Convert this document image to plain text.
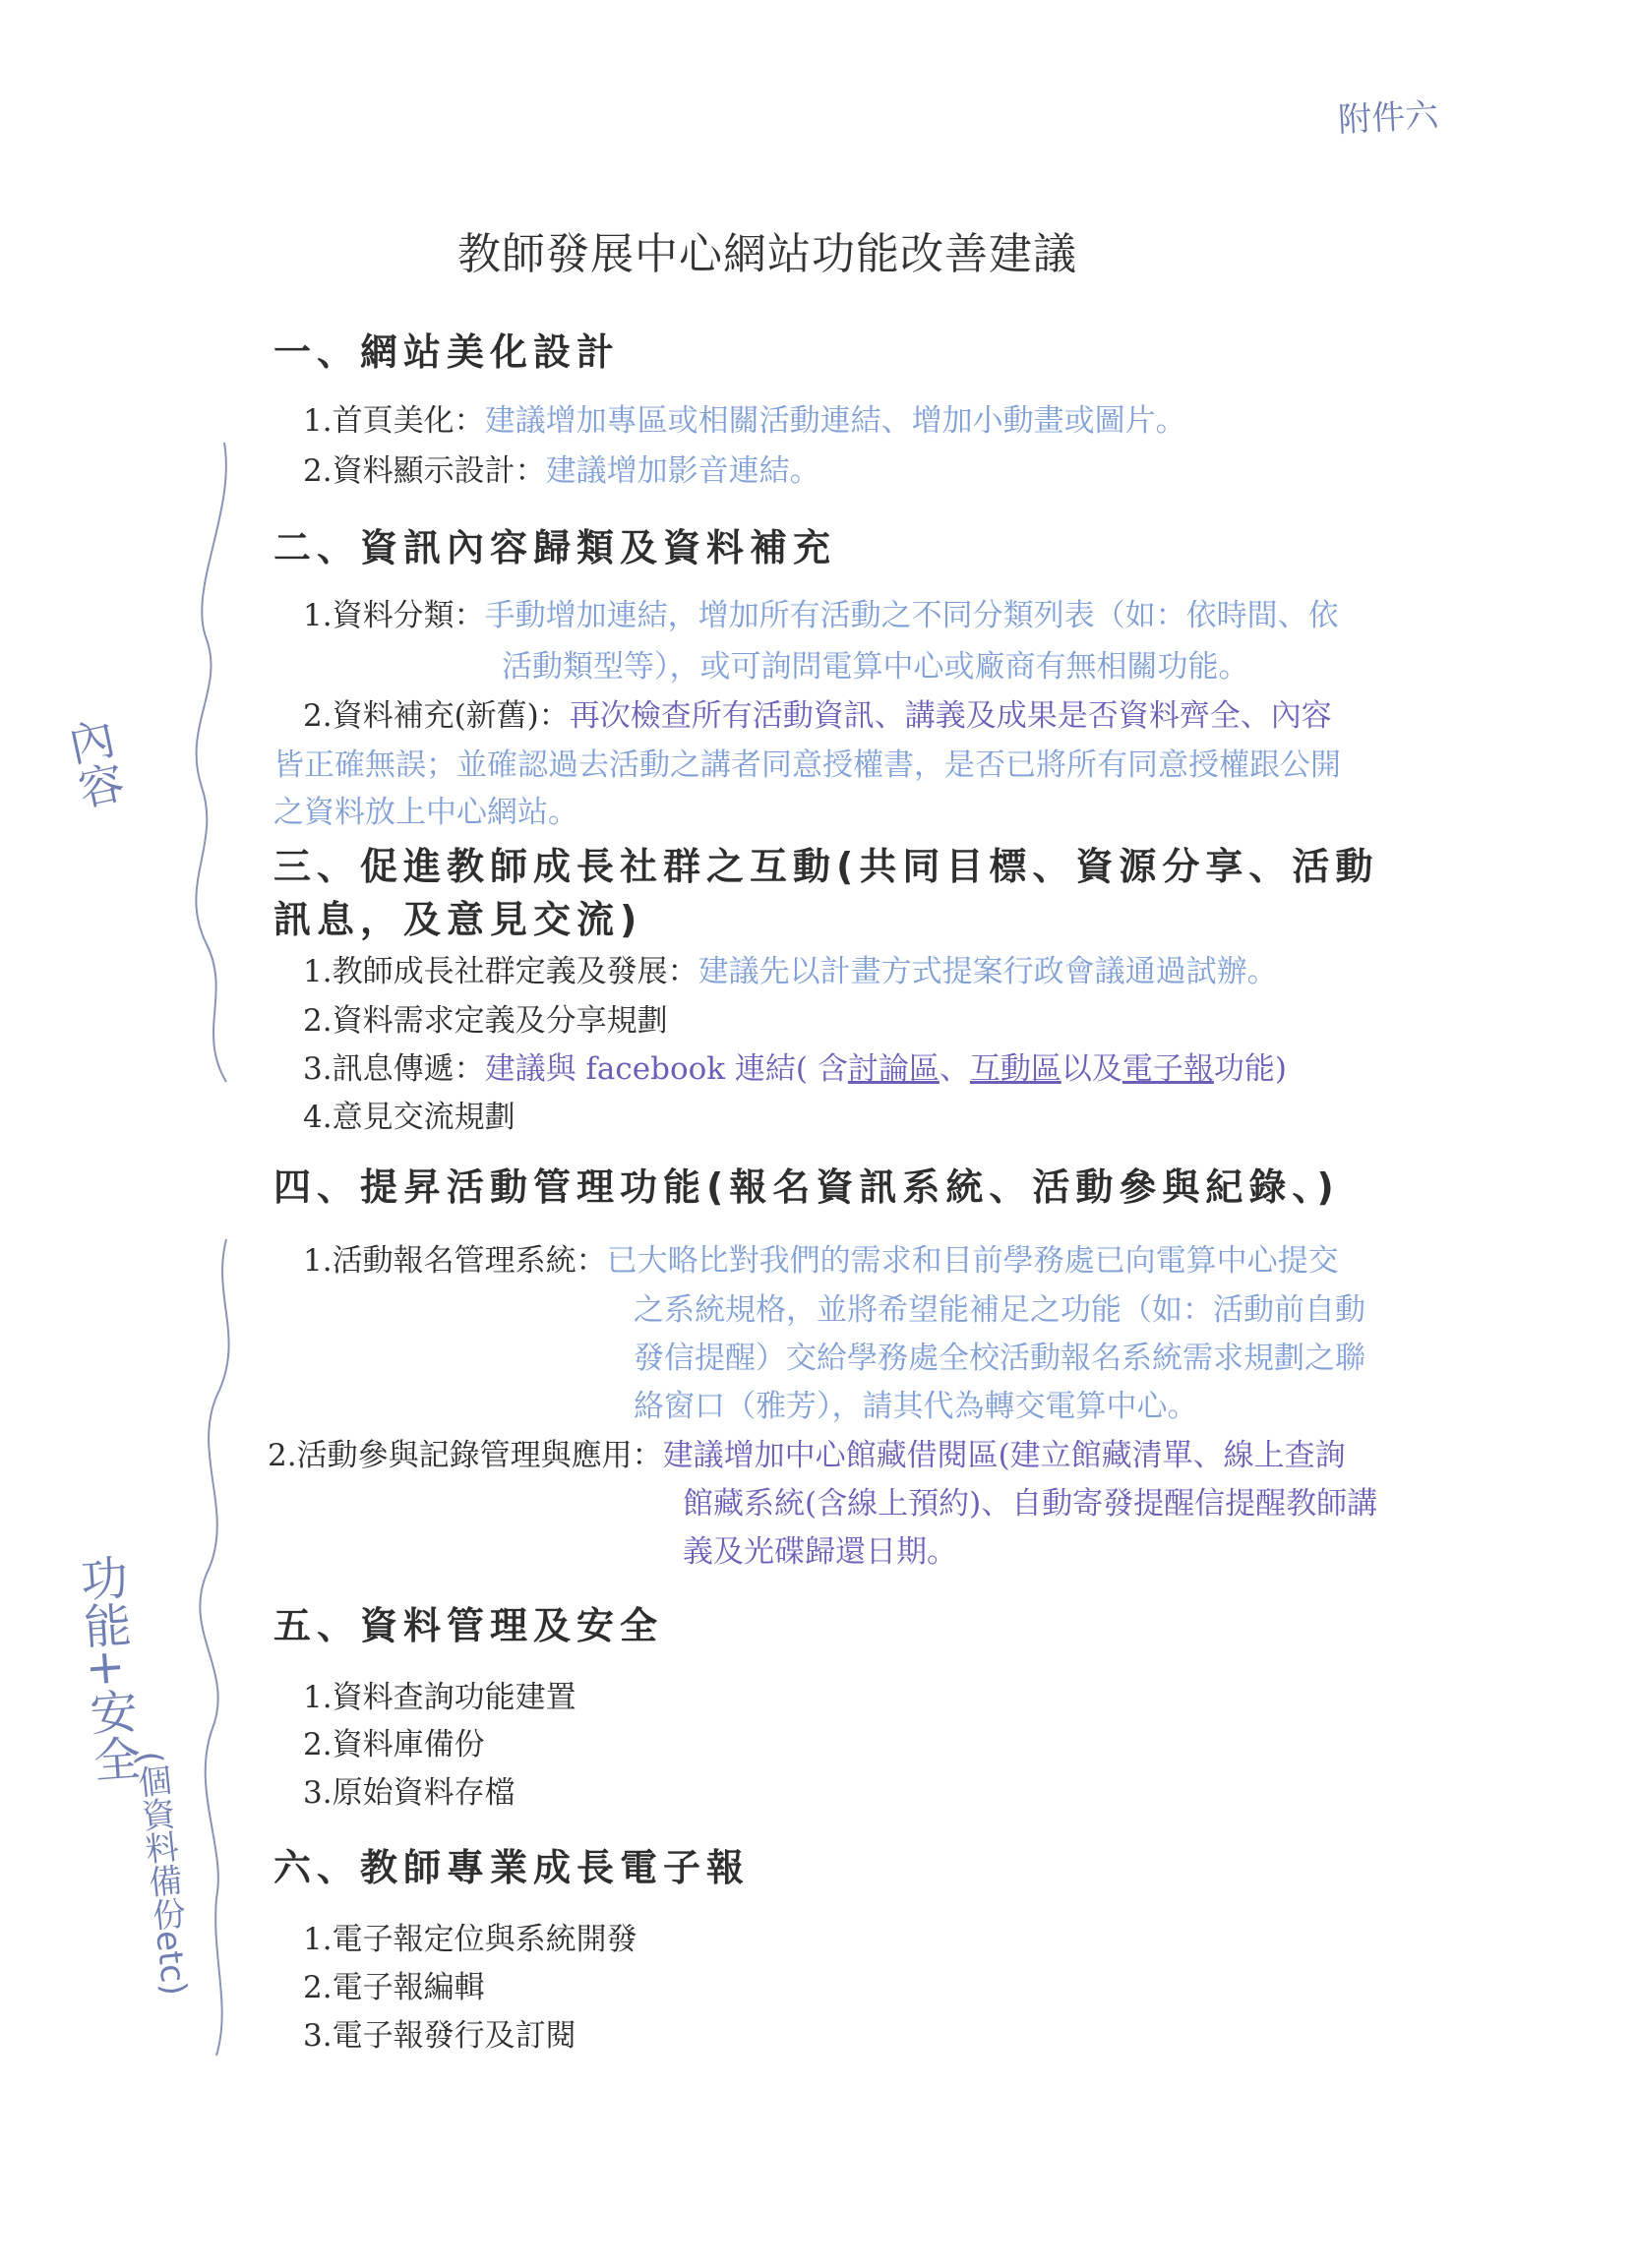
附件六
教師發展中心網站功能改善建議
一、網站美化設計
1.首頁美化：建議增加專區或相關活動連結、增加小動畫或圖片。
2.資料顯示設計：建議增加影音連結。
二、資訊內容歸類及資料補充
1.資料分類：手動增加連結，增加所有活動之不同分類列表（如：依時間、依
活動類型等），或可詢問電算中心或廠商有無相關功能。
2.資料補充(新舊)：再次檢查所有活動資訊、講義及成果是否資料齊全、內容
皆正確無誤；並確認過去活動之講者同意授權書，是否已將所有同意授權跟公開
之資料放上中心網站。
三、促進教師成長社群之互動(共同目標、資源分享、活動
訊息，及意見交流)
1.教師成長社群定義及發展：建議先以計畫方式提案行政會議通過試辦。
2.資料需求定義及分享規劃
3.訊息傳遞：建議與 facebook 連結( 含討論區、互動區以及電子報功能)
4.意見交流規劃
四、提昇活動管理功能(報名資訊系統、活動參與紀錄、)
1.活動報名管理系統：已大略比對我們的需求和目前學務處已向電算中心提交
之系統規格，並將希望能補足之功能（如：活動前自動
發信提醒）交給學務處全校活動報名系統需求規劃之聯
絡窗口（雅芳），請其代為轉交電算中心。
2.活動參與記錄管理與應用：建議增加中心館藏借閱區(建立館藏清單、線上查詢
館藏系統(含線上預約)、自動寄發提醒信提醒教師講
義及光碟歸還日期。
五、資料管理及安全
1.資料查詢功能建置
2.資料庫備份
3.原始資料存檔
六、教師專業成長電子報
1.電子報定位與系統開發
2.電子報編輯
3.電子報發行及訂閱
內容
功能+安全
(個資料備份etc)
